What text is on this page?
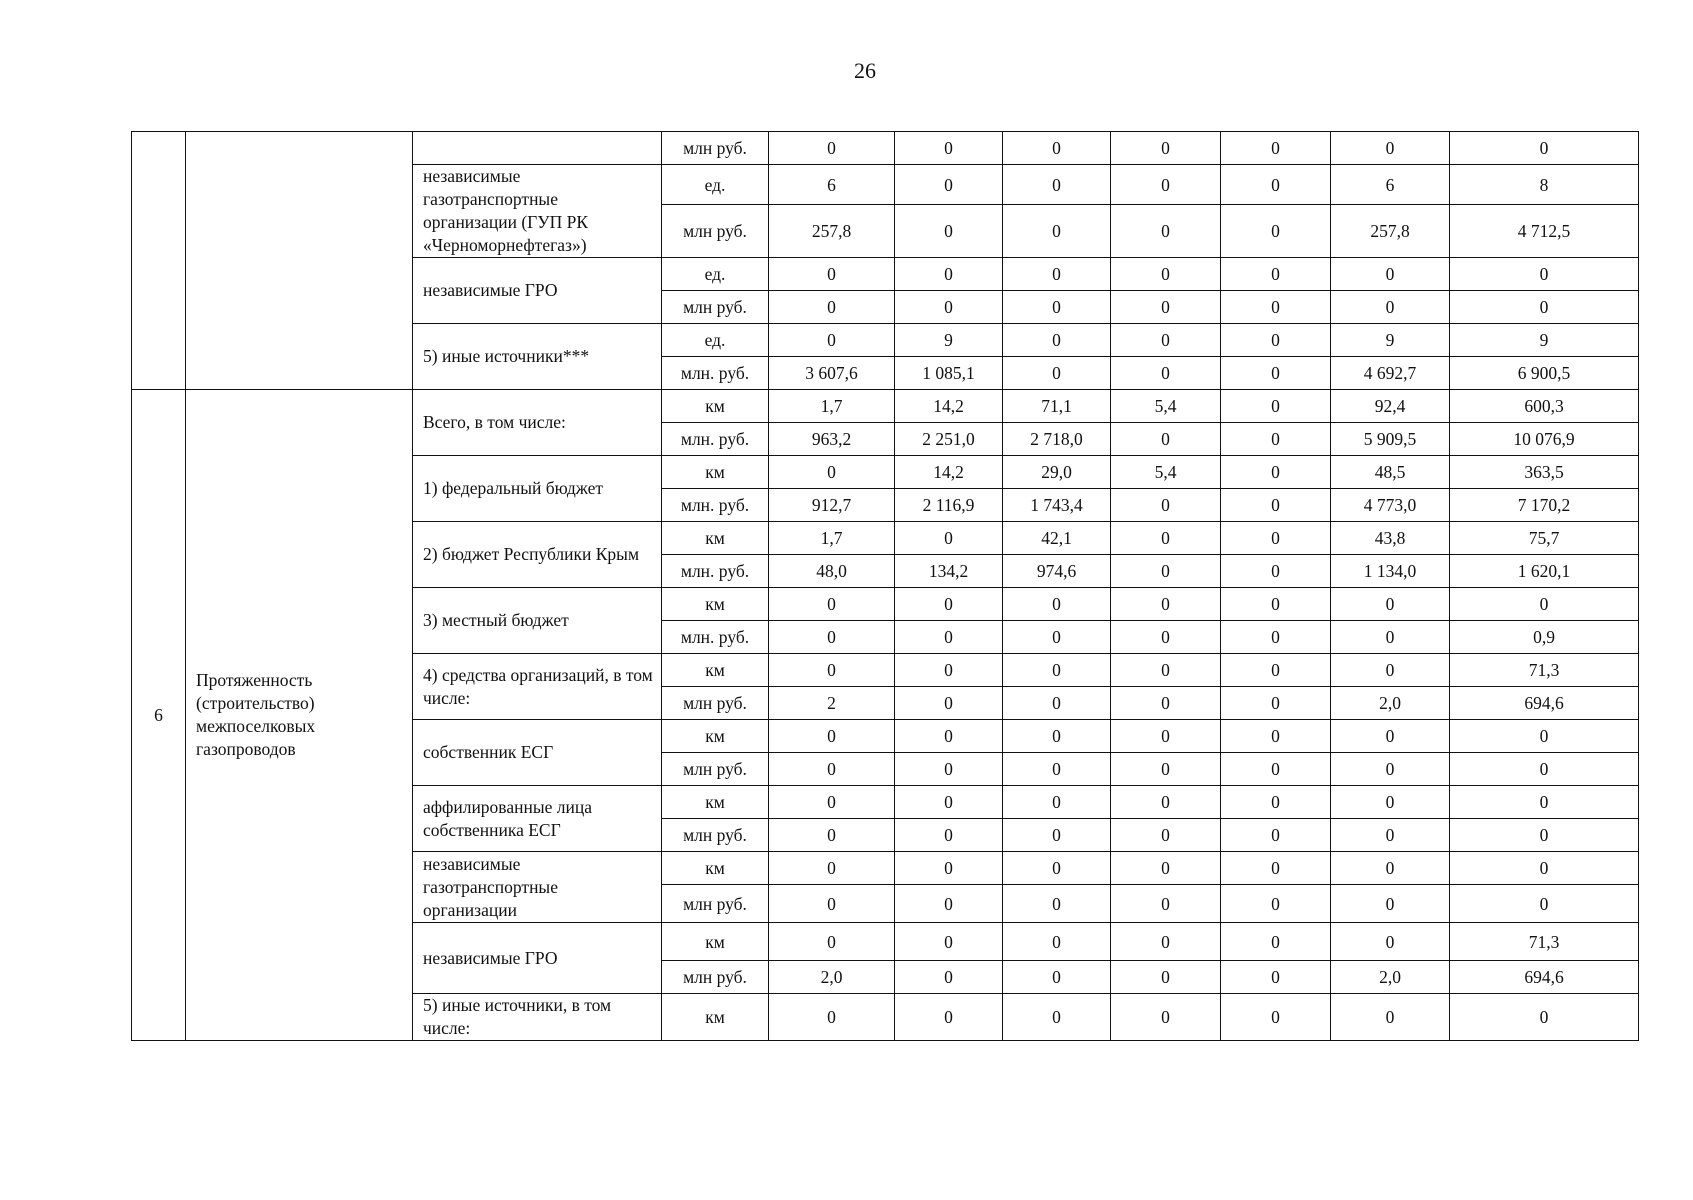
26
			млн руб.	0	0	0	0	0	0	0
		независимые газотранспортные организации (ГУП РК «Черноморнефтегаз»)	ед.	6	0	0	0	0	6	8
			млн руб.	257,8	0	0	0	0	257,8	4 712,5
		независимые ГРО	ед.	0	0	0	0	0	0	0
			млн руб.	0	0	0	0	0	0	0
		5) иные источники***	ед.	0	9	0	0	0	9	9
			млн. руб.	3 607,6	1 085,1	0	0	0	4 692,7	6 900,5
6	Протяженность (строительство) межпоселковых газопроводов	Всего, в том числе:	км	1,7	14,2	71,1	5,4	0	92,4	600,3
			млн. руб.	963,2	2 251,0	2 718,0	0	0	5 909,5	10 076,9
		1) федеральный бюджет	км	0	14,2	29,0	5,4	0	48,5	363,5
			млн. руб.	912,7	2 116,9	1 743,4	0	0	4 773,0	7 170,2
		2) бюджет Республики Крым	км	1,7	0	42,1	0	0	43,8	75,7
			млн. руб.	48,0	134,2	974,6	0	0	1 134,0	1 620,1
		3) местный бюджет	км	0	0	0	0	0	0	0
			млн. руб.	0	0	0	0	0	0	0,9
		4) средства организаций, в том числе:	км	0	0	0	0	0	0	71,3
			млн руб.	2	0	0	0	0	2,0	694,6
		собственник ЕСГ	км	0	0	0	0	0	0	0
			млн руб.	0	0	0	0	0	0	0
		аффилированные лица собственника ЕСГ	км	0	0	0	0	0	0	0
			млн руб.	0	0	0	0	0	0	0
		независимые газотранспортные организации	км	0	0	0	0	0	0	0
			млн руб.	0	0	0	0	0	0	0
		независимые ГРО	км	0	0	0	0	0	0	71,3
			млн руб.	2,0	0	0	0	0	2,0	694,6
		5) иные источники, в том числе:	км	0	0	0	0	0	0	0
